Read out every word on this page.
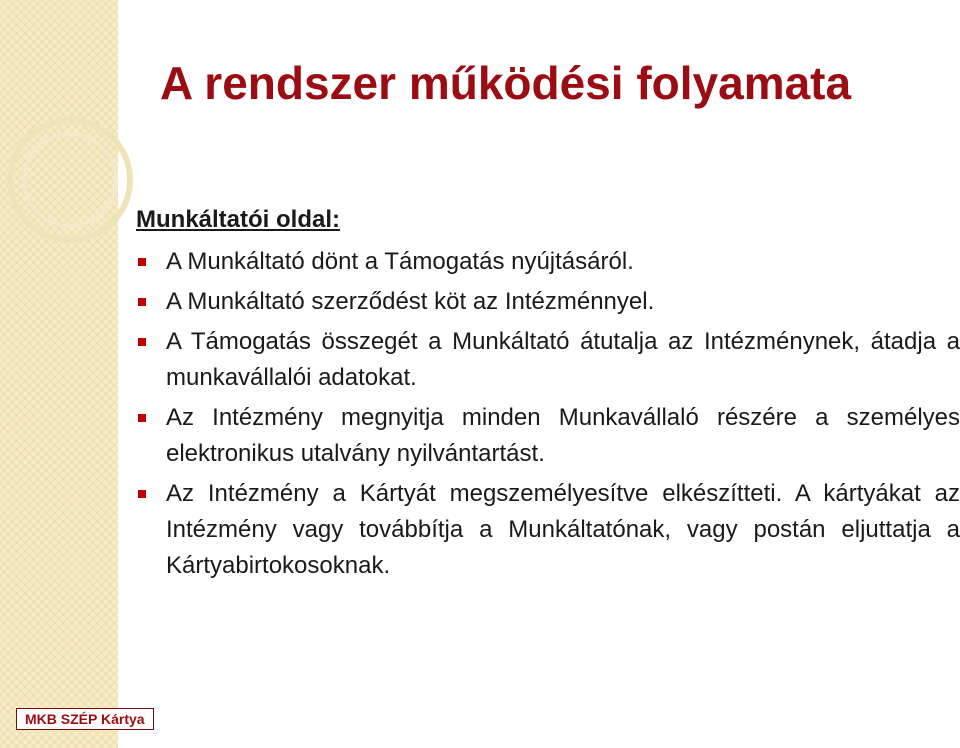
A rendszer működési folyamata

Munkáltatói oldal:

A Munkáltató dönt a Támogatás nyújtásáról.
A Munkáltató szerződést köt az Intézménnyel.
A Támogatás összegét a Munkáltató átutalja az Intézménynek, átadja a munkavállalói adatokat.
Az Intézmény megnyitja minden Munkavállaló részére a személyes elektronikus utalvány nyilvántartást.
Az Intézmény a Kártyát megszemélyesítve elkészítteti. A kártyákat az Intézmény vagy továbbítja a Munkáltatónak, vagy postán eljuttatja a Kártyabirtokosoknak.
MKB SZÉP Kártya
